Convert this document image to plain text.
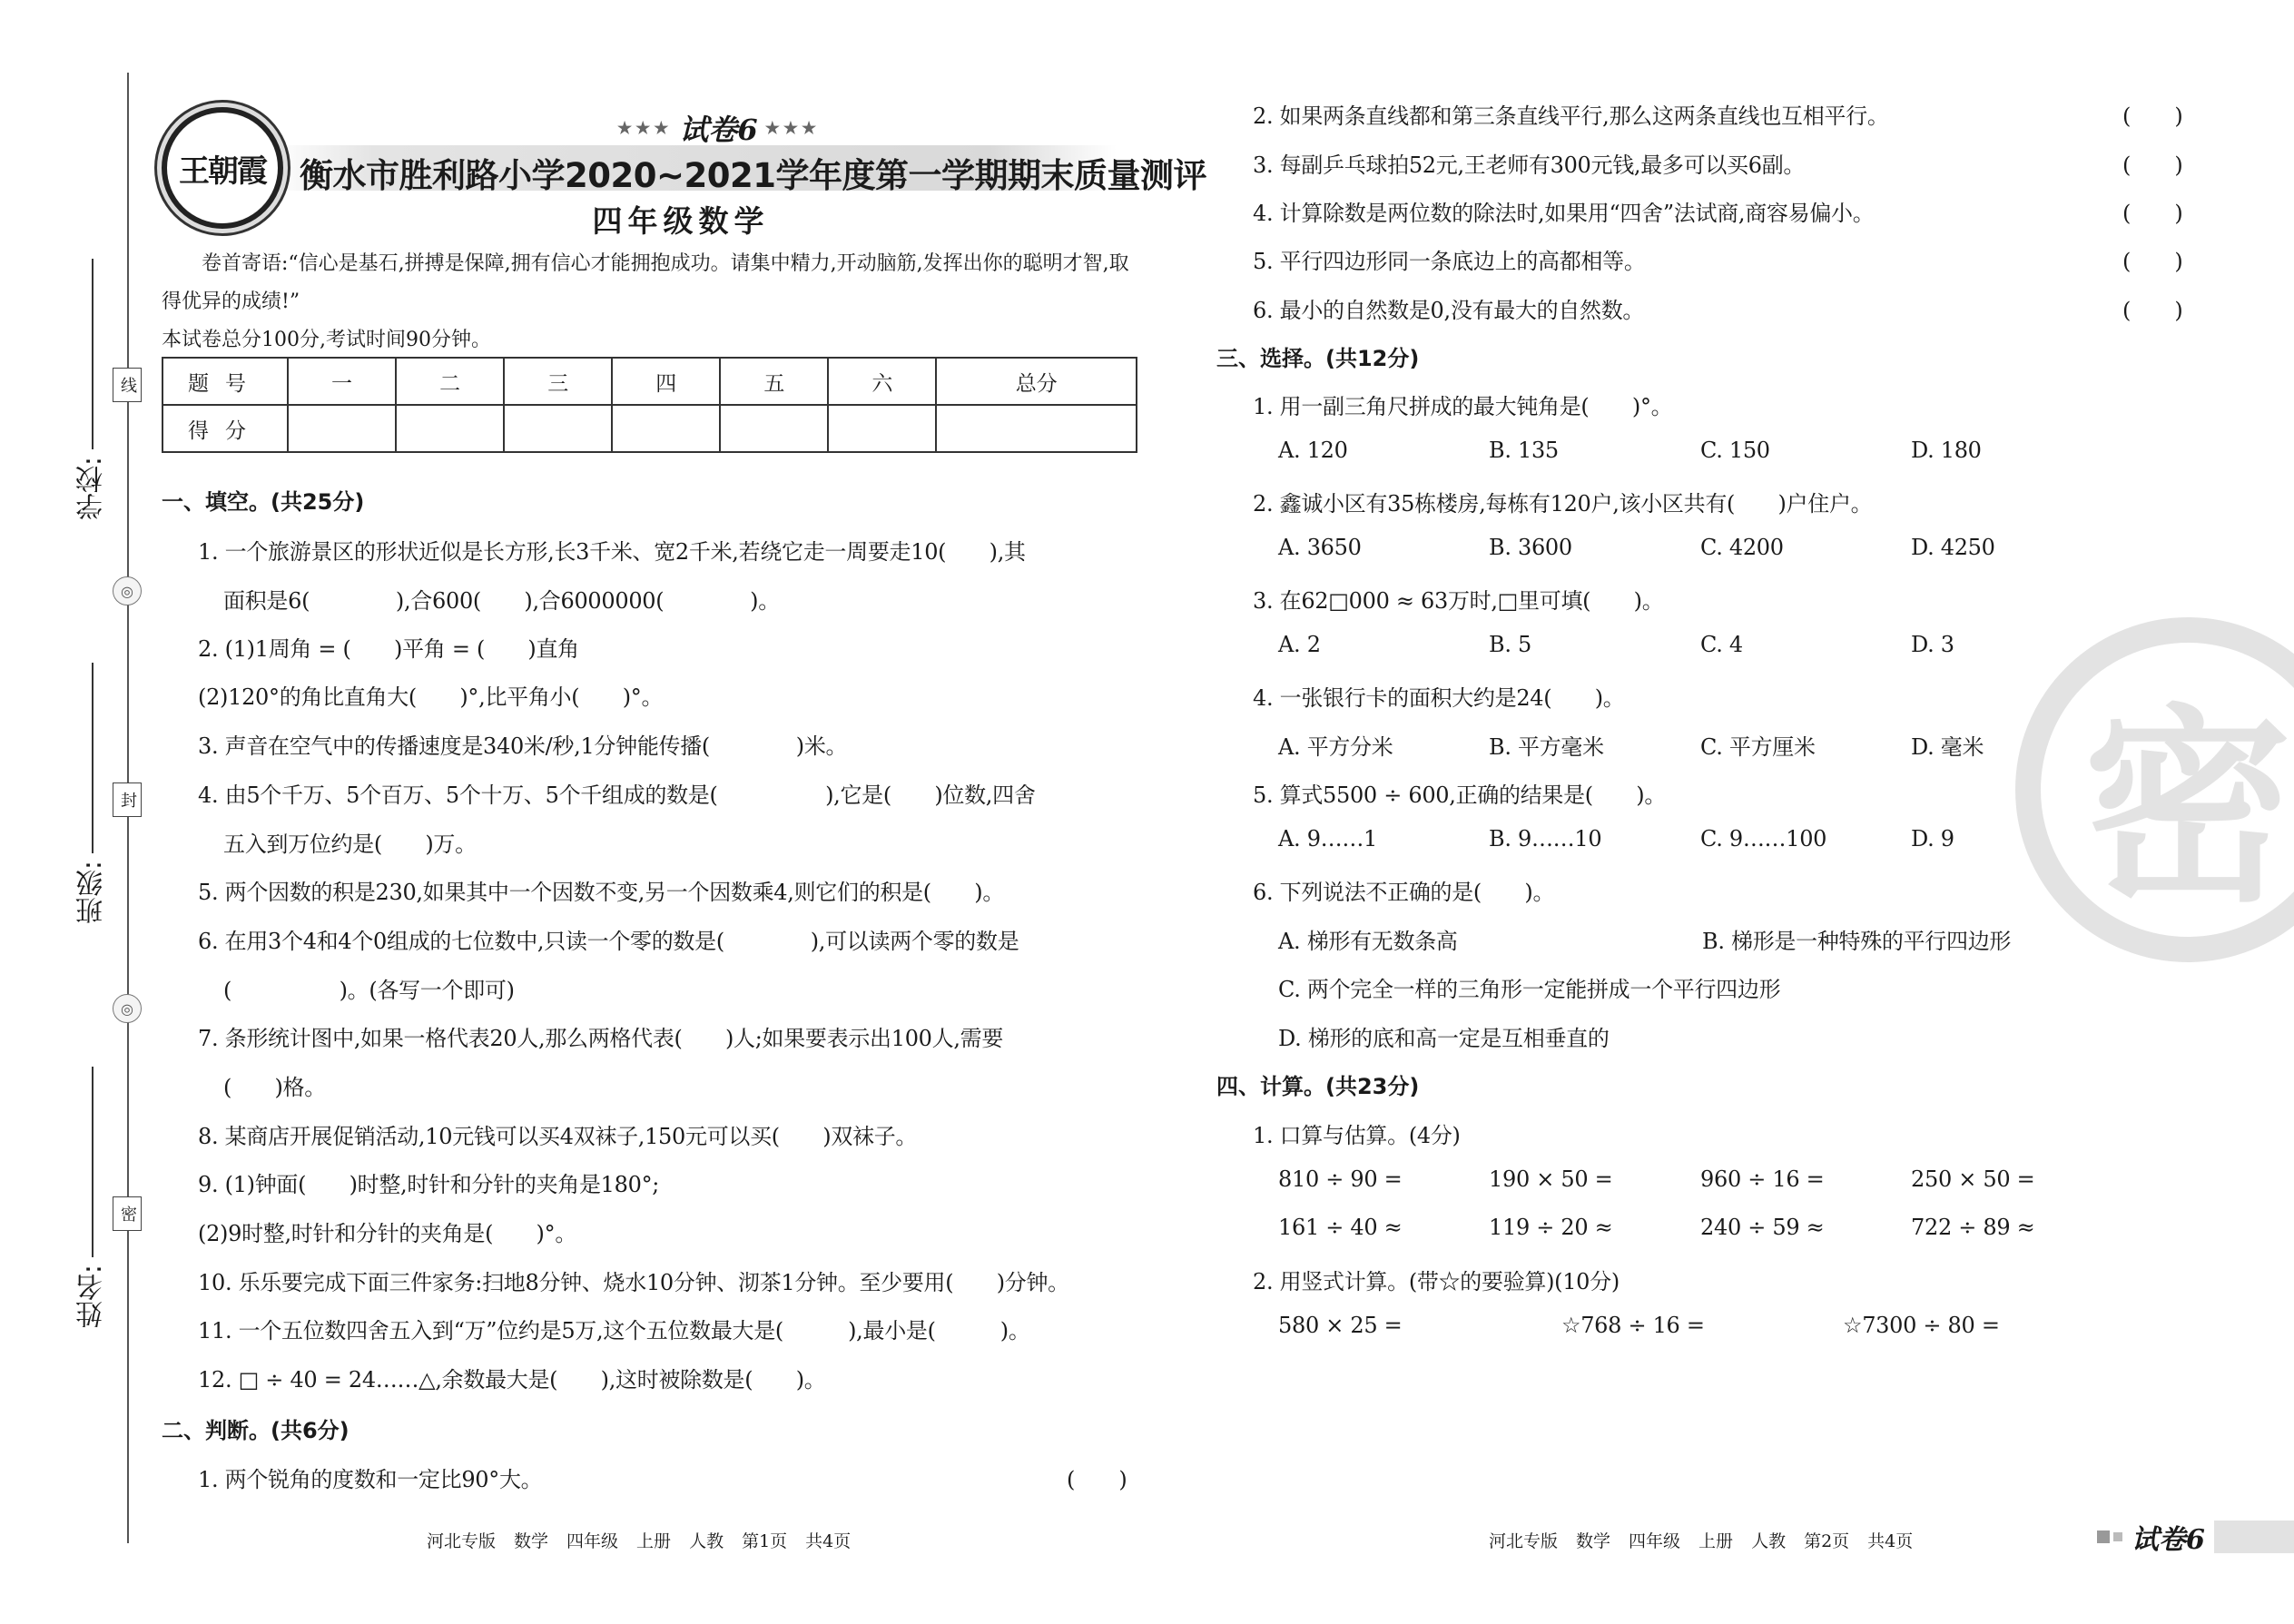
学校:
班级:
姓名:
线
◎
封
◎
密
王朝霞
★★★ 试卷6 ★★★
衡水市胜利路小学2020~2021学年度第一学期期末质量测评
四年级数学

卷首寄语:“信心是基石,拼搏是保障,拥有信心才能拥抱成功。请集中精力,开动脑筋,发挥出你的聪明才智,取得优异的成绩!”

本试卷总分100分,考试时间90分钟。

题号	一	二	三	四	五	六	总分
得分							
一、填空。(共25分)
1. 一个旅游景区的形状近似是长方形,长3千米、宽2千米,若绕它走一周要走10(　　),其
面积是6(　　　　),合600(　　),合6000000(　　　　)。
2. (1)1周角 = (　　)平角 = (　　)直角
(2)120°的角比直角大(　　)°,比平角小(　　)°。
3. 声音在空气中的传播速度是340米/秒,1分钟能传播(　　　　)米。
4. 由5个千万、5个百万、5个十万、5个千组成的数是(　　　　　),它是(　　)位数,四舍
五入到万位约是(　　)万。
5. 两个因数的积是230,如果其中一个因数不变,另一个因数乘4,则它们的积是(　　)。
6. 在用3个4和4个0组成的七位数中,只读一个零的数是(　　　　),可以读两个零的数是
(　　　　　)。(各写一个即可)
7. 条形统计图中,如果一格代表20人,那么两格代表(　　)人;如果要表示出100人,需要
(　　)格。
8. 某商店开展促销活动,10元钱可以买4双袜子,150元可以买(　　)双袜子。
9. (1)钟面(　　)时整,时针和分针的夹角是180°;
(2)9时整,时针和分针的夹角是(　　)°。
10. 乐乐要完成下面三件家务:扫地8分钟、烧水10分钟、沏茶1分钟。至少要用(　　)分钟。
11. 一个五位数四舍五入到“万”位约是5万,这个五位数最大是(　　　),最小是(　　　)。
12. □ ÷ 40 = 24……△,余数最大是(　　),这时被除数是(　　)。
二、判断。(共6分)
1. 两个锐角的度数和一定比90°大。	(　　)
河北专版 数学 四年级 上册 人教 第1页 共4页
密
2. 如果两条直线都和第三条直线平行,那么这两条直线也互相平行。	(　　)
3. 每副乒乓球拍52元,王老师有300元钱,最多可以买6副。	(　　)
4. 计算除数是两位数的除法时,如果用“四舍”法试商,商容易偏小。	(　　)
5. 平行四边形同一条底边上的高都相等。	(　　)
6. 最小的自然数是0,没有最大的自然数。	(　　)
三、选择。(共12分)
1. 用一副三角尺拼成的最大钝角是(　　)°。
A. 120	B. 135	C. 150	D. 180
2. 鑫诚小区有35栋楼房,每栋有120户,该小区共有(　　)户住户。
A. 3650	B. 3600	C. 4200	D. 4250
3. 在62□000 ≈ 63万时,□里可填(　　)。
A. 2	B. 5	C. 4	D. 3
4. 一张银行卡的面积大约是24(　　)。
A. 平方分米	B. 平方毫米	C. 平方厘米	D. 毫米
5. 算式5500 ÷ 600,正确的结果是(　　)。
A. 9……1	B. 9……10	C. 9……100	D. 9
6. 下列说法不正确的是(　　)。
A. 梯形有无数条高	B. 梯形是一种特殊的平行四边形
C. 两个完全一样的三角形一定能拼成一个平行四边形
D. 梯形的底和高一定是互相垂直的
四、计算。(共23分)
1. 口算与估算。(4分)
810 ÷ 90 =	190 × 50 =	960 ÷ 16 =	250 × 50 =
161 ÷ 40 ≈	119 ÷ 20 ≈	240 ÷ 59 ≈	722 ÷ 89 ≈
2. 用竖式计算。(带☆的要验算)(10分)
580 × 25 =	☆768 ÷ 16 =	☆7300 ÷ 80 =
河北专版 数学 四年级 上册 人教 第2页 共4页	试卷6
